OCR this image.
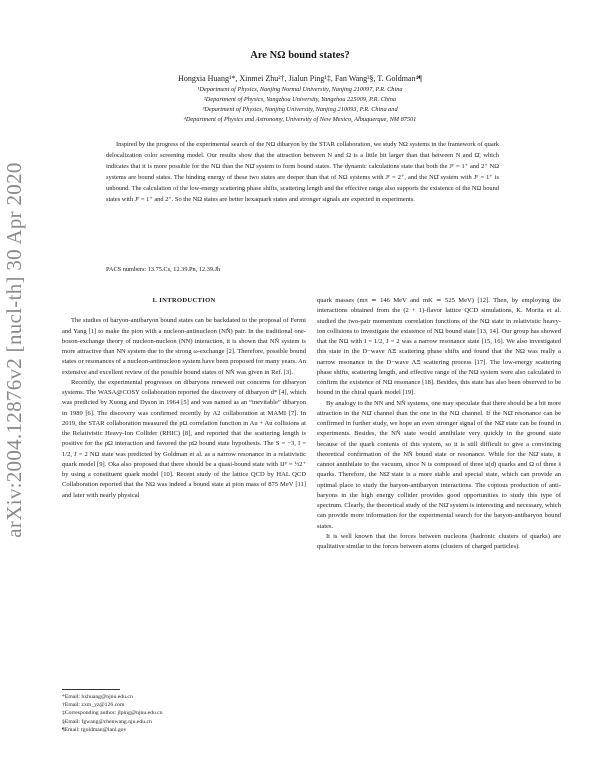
arXiv:2004.12876v2 [nucl-th] 30 Apr 2020
Are NΩ bound states?
Hongxia Huang¹*, Xinmei Zhu²†, Jialun Ping¹‡, Fan Wang³§, T. Goldman⁴¶
¹Department of Physics, Nanjing Normal University, Nanjing 210097, P.R. China
²Department of Physics, Yangzhou University, Yangzhou 225009, P.R. China
³Department of Physics, Nanjing University, Nanjing 210093, P.R. China and
⁴Department of Physics and Astronomy, University of New Mexico, Albuquerque, NM 87501

Inspired by the progress of the experimental search of the NΩ dibaryon by the STAR collaboration, we study NΩ systems in the framework of quark delocalization color screening model. Our results show that the attraction between N and Ω is a little bit larger than that between N and Ω̄, which indicates that it is more possible for the NΩ than the NΩ̄ system to form bound states. The dynamic calculations state that both the Jᴾ = 1⁺ and 2⁺ NΩ systems are bound states. The binding energy of these two states are deeper than that of NΩ systems with Jᴾ = 2⁺, and the NΩ̄ system with Jᴾ = 1⁺ is unbound. The calculation of the low-energy scattering phase shifts, scattering length and the effective range also supports the existence of the NΩ bound states with Jᴾ = 1⁺ and 2⁺. So the NΩ states are better hexaquark states and stronger signals are expected in experiments.

PACS numbers: 13.75.Cs, 12.39.Pn, 12.39.Jh
I. INTRODUCTION

The studies of baryon-antibaryon bound states can be backdated to the proposal of Fermi and Yang [1] to make the pion with a nucleon-antinucleon (NN̄) pair. In the traditional one-boson-exchange theory of nucleon-nucleon (NN) interaction, it is shown that NN̄ system is more attractive than NN system due to the strong ω-exchange [2]. Therefore, possible bound states or resonances of a nucleon-antinucleon system have been proposed for many years. An extensive and excellent review of the possible bound states of NN̄ was given in Ref. [3].

Recently, the experimental progresses on dibaryons renewed our concerns for dibaryon systems. The WASA@COSY collaboration reported the discovery of dibaryon d* [4], which was predicted by Xuong and Dyson in 1964 [5] and was named as an “inevitable” dibaryon in 1989 [6]. The discovery was confirmed recently by A2 collaboration at MAMI [7]. In 2019, the STAR collaboration measured the pΩ correlation function in Au + Au collisions at the Relativistic Heavy-Ion Collider (RHIC) [8], and reported that the scattering length is positive for the pΩ interaction and favored the pΩ bound state hypothesis. The S = −3, I = 1/2, J = 2 NΩ state was predicted by Goldman et al. as a narrow resonance in a relativistic quark model [9]. Oka also proposed that there should be a quasi-bound state with IJᴾ = ½2⁺ by using a constituent quark model [10]. Recent study of the lattice QCD by HAL QCD Collaboration reported that the NΩ was indeed a bound state at pion mass of 875 MeV [11] and later with nearly physical

quark masses (mπ ≃ 146 MeV and mK ≃ 525 MeV) [12]. Then, by employing the interactions obtained from the (2 + 1)-flavor lattice QCD simulations, K. Morita et al. studied the two-pair momentum correlation functions of the NΩ state in relativistic heavy-ion collisions to investigate the existence of NΩ bound state [13, 14]. Our group has showed that the NΩ with I = 1/2, J = 2 was a narrow resonance state [15, 16]. We also investigated this state in the D−wave ΛΞ scattering phase shifts and found that the NΩ was really a narrow resonance in the D−wave ΛΞ scattering process [17]. The low-energy scattering phase shifts, scattering length, and effective range of the NΩ system were also calculated to confirm the existence of NΩ resonance [18]. Besides, this state has also been observed to be bound in the chiral quark model [19].

By analogy to the NN and NN̄ systems, one may speculate that there should be a bit more attraction in the NΩ̄ channel than the one in the NΩ channel. If the NΩ̄ resonance can be confirmed in further study, we hope an even stronger signal of the NΩ̄ state can be found in experiments. Besides, the NN̄ state would annihilate very quickly in the ground state because of the quark contents of this system, so it is still difficult to give a convincing theoretical confirmation of the NN̄ bound state or resonance. While for the NΩ̄ state, it cannot annihilate to the vacuum, since N is composed of three u(d) quarks and Ω of three s̄ quarks. Therefore, the NΩ̄ state is a more stable and special state, which can provide an optimal place to study the baryon-antibaryon interactions. The copious production of anti-baryons in the high energy collider provides good opportunities to study this type of spectrum. Clearly, the theoretical study of the NΩ̄ system is interesting and necessary, which can provide more information for the experimental search for the baryon-antibaryon bound states.

It is well known that the forces between nucleons (hadronic clusters of quarks) are qualitative similar to the forces between atoms (clusters of charged particles).

*Email: hxhuang@njnu.edu.cn
†Email: zxm_yz@126.com
‡Corresponding author: jlping@njnu.edu.cn
§Email: fgwang@chenwang.nju.edu.cn
¶Email: tgoldman@lanl.gov
